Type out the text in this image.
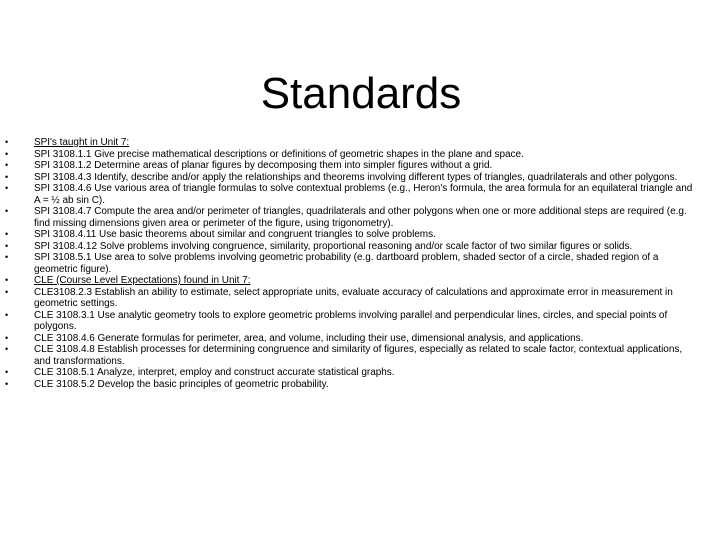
Standards
•	SPI's taught in Unit 7:
•	SPI 3108.1.1 Give precise mathematical descriptions or definitions of geometric shapes in the plane and space.
•	SPI 3108.1.2 Determine areas of planar figures by decomposing them into simpler figures without a grid.
•	SPI 3108.4.3 Identify, describe and/or apply the relationships and theorems involving different types of triangles, quadrilaterals and other polygons.
•	SPI 3108.4.6 Use various area of triangle formulas to solve contextual problems (e.g., Heron's formula, the area formula for an equilateral triangle and A = ½ ab sin C).
•	SPI 3108.4.7 Compute the area and/or perimeter of triangles, quadrilaterals and other polygons when one or more additional steps are required (e.g. find missing dimensions given area or perimeter of the figure, using trigonometry).
•	SPI 3108.4.11 Use basic theorems about similar and congruent triangles to solve problems.
•	SPI 3108.4.12 Solve problems involving congruence, similarity, proportional reasoning and/or scale factor of two similar figures or solids.
•	SPI 3108.5.1 Use area to solve problems involving geometric probability (e.g. dartboard problem, shaded sector of a circle, shaded region of a geometric figure).
•	CLE (Course Level Expectations) found in Unit 7:
•	CLE3108.2.3 Establish an ability to estimate, select appropriate units, evaluate accuracy of calculations and approximate error in measurement in geometric settings.
•	CLE 3108.3.1 Use analytic geometry tools to explore geometric problems involving parallel and perpendicular lines, circles, and special points of polygons.
•	CLE 3108.4.6 Generate formulas for perimeter, area, and volume, including their use, dimensional analysis, and applications.
•	CLE 3108.4.8 Establish processes for determining congruence and similarity of figures, especially as related to scale factor, contextual applications, and transformations.
•	CLE 3108.5.1 Analyze, interpret, employ and construct accurate statistical graphs.
•	CLE 3108.5.2 Develop the basic principles of geometric probability.
